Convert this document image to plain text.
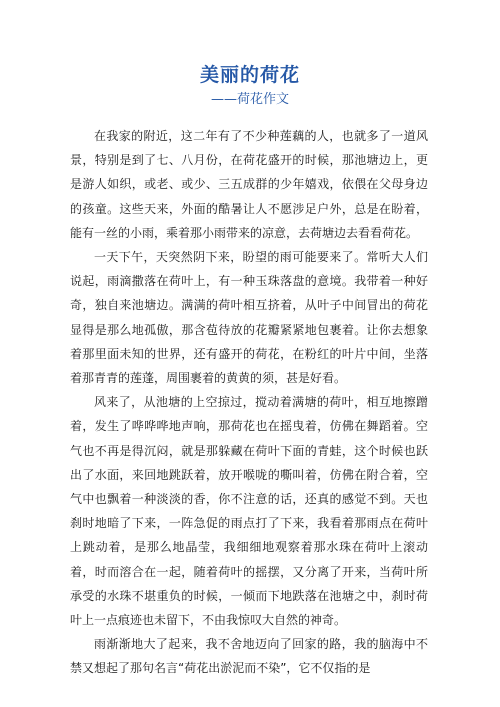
美丽的荷花
——荷花作文

在我家的附近，这二年有了不少种莲藕的人，也就多了一道风景，特别是到了七、八月份，在荷花盛开的时候，那池塘边上，更是游人如织，或老、或少、三五成群的少年嬉戏，依偎在父母身边的孩童。这些天来，外面的酷暑让人不愿涉足户外，总是在盼着，能有一丝的小雨，乘着那小雨带来的凉意，去荷塘边去看看荷花。

一天下午，天突然阴下来，盼望的雨可能要来了。常听大人们说起，雨滴撒落在荷叶上，有一种玉珠落盘的意境。我带着一种好奇，独自来池塘边。满满的荷叶相互挤着，从叶子中间冒出的荷花显得是那么地孤傲，那含苞待放的花瓣紧紧地包裹着。让你去想象着那里面未知的世界，还有盛开的荷花，在粉红的叶片中间，坐落着那青青的莲蓬，周围裹着的黄黄的须，甚是好看。

风来了，从池塘的上空掠过，搅动着满塘的荷叶，相互地擦蹭着，发生了哗哗哗地声响，那荷花也在摇曳着，仿佛在舞蹈着。空气也不再是得沉闷，就是那躲藏在荷叶下面的青蛙，这个时候也跃出了水面，来回地跳跃着，放开喉咙的嘶叫着，仿佛在附合着，空气中也飘着一种淡淡的香，你不注意的话，还真的感觉不到。天也刹时地暗了下来，一阵急促的雨点打了下来，我看着那雨点在荷叶上跳动着，是那么地晶莹，我细细地观察着那水珠在荷叶上滚动着，时而溶合在一起，随着荷叶的摇摆，又分离了开来，当荷叶所承受的水珠不堪重负的时候，一倾而下地跌落在池塘之中，刹时荷叶上一点痕迹也未留下，不由我惊叹大自然的神奇。

雨渐渐地大了起来，我不舍地迈向了回家的路，我的脑海中不禁又想起了那句名言“荷花出淤泥而不染”，它不仅指的是
